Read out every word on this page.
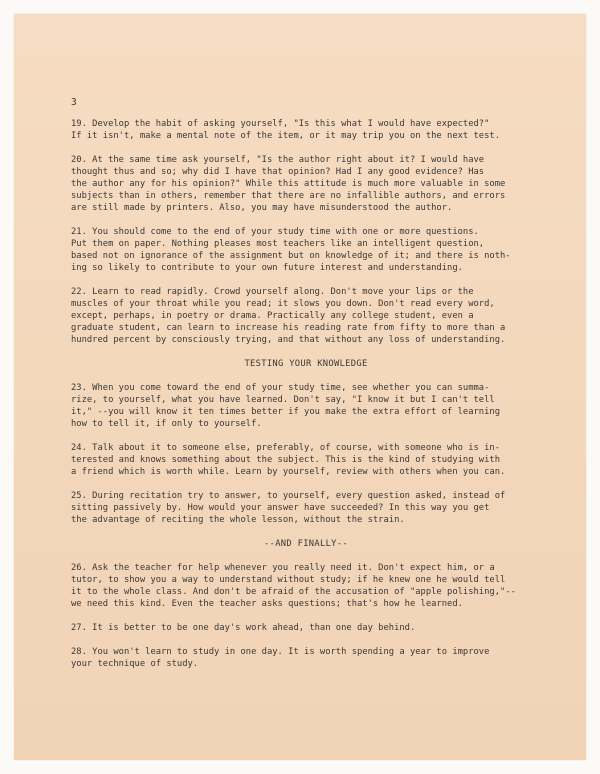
3
19. Develop the habit of asking yourself, "Is this what I would have expected?"
If it isn't, make a mental note of the item, or it may trip you on the next test.
20. At the same time ask yourself, "Is the author right about it? I would have
thought thus and so; why did I have that opinion? Had I any good evidence? Has
the author any for his opinion?" While this attitude is much more valuable in some
subjects than in others, remember that there are no infallible authors, and errors
are still made by printers. Also, you may have misunderstood the author.
21. You should come to the end of your study time with one or more questions.
Put them on paper. Nothing pleases most teachers like an intelligent question,
based not on ignorance of the assignment but on knowledge of it; and there is noth-
ing so likely to contribute to your own future interest and understanding.
22. Learn to read rapidly. Crowd yourself along. Don't move your lips or the
muscles of your throat while you read; it slows you down. Don't read every word,
except, perhaps, in poetry or drama. Practically any college student, even a
graduate student, can learn to increase his reading rate from fifty to more than a
hundred percent by consciously trying, and that without any loss of understanding.
TESTING YOUR KNOWLEDGE
23. When you come toward the end of your study time, see whether you can summa-
rize, to yourself, what you have learned. Don't say, "I know it but I can't tell
it," --you will know it ten times better if you make the extra effort of learning
how to tell it, if only to yourself.
24. Talk about it to someone else, preferably, of course, with someone who is in-
terested and knows something about the subject. This is the kind of studying with
a friend which is worth while. Learn by yourself, review with others when you can.
25. During recitation try to answer, to yourself, every question asked, instead of
sitting passively by. How would your answer have succeeded? In this way you get
the advantage of reciting the whole lesson, without the strain.
--AND FINALLY--
26. Ask the teacher for help whenever you really need it. Don't expect him, or a
tutor, to show you a way to understand without study; if he knew one he would tell
it to the whole class. And don't be afraid of the accusation of "apple polishing,"--
we need this kind. Even the teacher asks questions; that's how he learned.
27. It is better to be one day's work ahead, than one day behind.
28. You won't learn to study in one day. It is worth spending a year to improve
your technique of study.
